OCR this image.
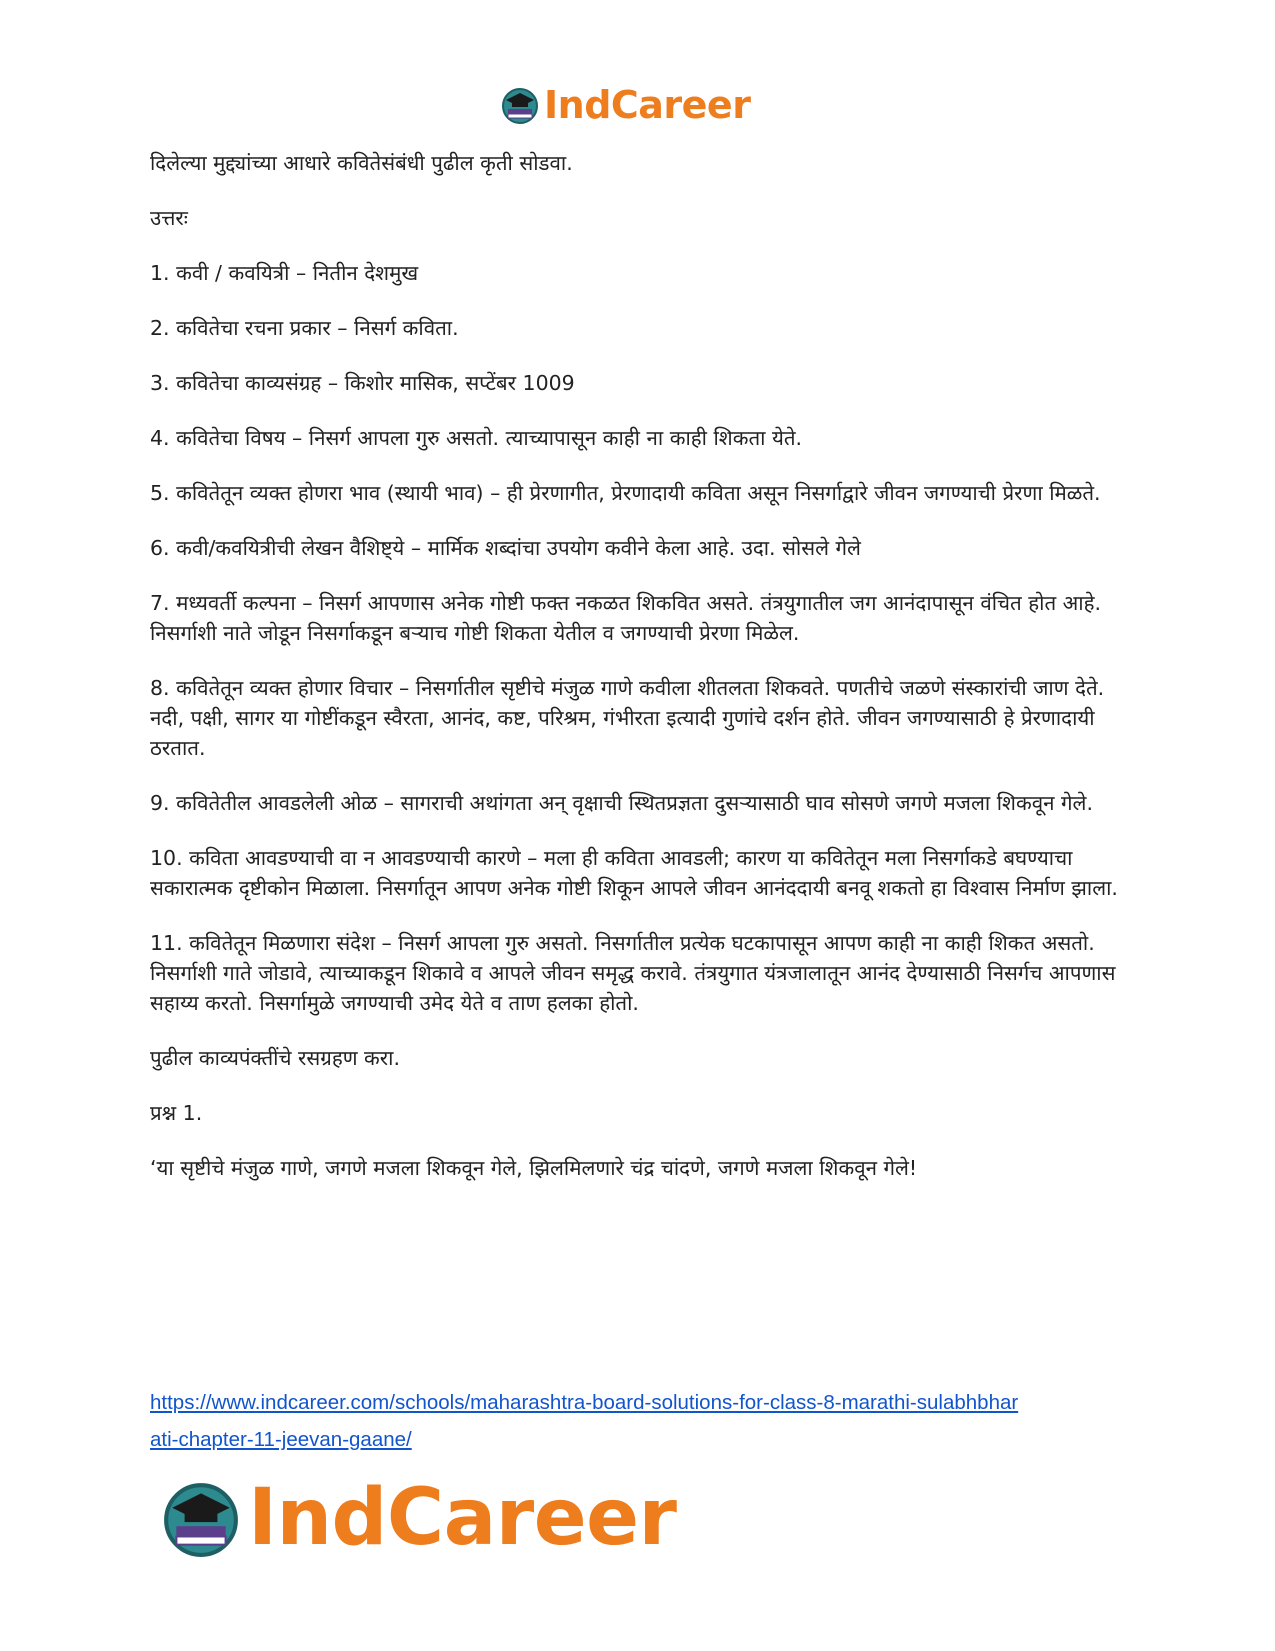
IndCareer

दिलेल्या मुद्द्यांच्या आधारे कवितेसंबंधी पुढील कृती सोडवा.

उत्तरः

1. कवी / कवयित्री – नितीन देशमुख

2. कवितेचा रचना प्रकार – निसर्ग कविता.

3. कवितेचा काव्यसंग्रह – किशोर मासिक, सप्टेंबर 1009

4. कवितेचा विषय – निसर्ग आपला गुरु असतो. त्याच्यापासून काही ना काही शिकता येते.

5. कवितेतून व्यक्त होणरा भाव (स्थायी भाव) – ही प्रेरणागीत, प्रेरणादायी कविता असून निसर्गाद्वारे जीवन जगण्याची प्रेरणा मिळते.

6. कवी/कवयित्रीची लेखन वैशिष्ट्ये – मार्मिक शब्दांचा उपयोग कवीने केला आहे. उदा. सोसले गेले

7. मध्यवर्ती कल्पना – निसर्ग आपणास अनेक गोष्टी फक्त नकळत शिकवित असते. तंत्रयुगातील जग आनंदापासून वंचित होत आहे. निसर्गाशी नाते जोडून निसर्गाकडून बऱ्याच गोष्टी शिकता येतील व जगण्याची प्रेरणा मिळेल.

8. कवितेतून व्यक्त होणार विचार – निसर्गातील सृष्टीचे मंजुळ गाणे कवीला शीतलता शिकवते. पणतीचे जळणे संस्कारांची जाण देते. नदी, पक्षी, सागर या गोष्टींकडून स्वैरता, आनंद, कष्ट, परिश्रम, गंभीरता इत्यादी गुणांचे दर्शन होते. जीवन जगण्यासाठी हे प्रेरणादायी ठरतात.

9. कवितेतील आवडलेली ओळ – सागराची अथांगता अन् वृक्षाची स्थितप्रज्ञता दुसऱ्यासाठी घाव सोसणे जगणे मजला शिकवून गेले.

10. कविता आवडण्याची वा न आवडण्याची कारणे – मला ही कविता आवडली; कारण या कवितेतून मला निसर्गाकडे बघण्याचा सकारात्मक दृष्टीकोन मिळाला. निसर्गातून आपण अनेक गोष्टी शिकून आपले जीवन आनंददायी बनवू शकतो हा विश्वास निर्माण झाला.

11. कवितेतून मिळणारा संदेश – निसर्ग आपला गुरु असतो. निसर्गातील प्रत्येक घटकापासून आपण काही ना काही शिकत असतो. निसर्गाशी गाते जोडावे, त्याच्याकडून शिकावे व आपले जीवन समृद्ध करावे. तंत्रयुगात यंत्रजालातून आनंद देण्यासाठी निसर्गच आपणास सहाय्य करतो. निसर्गामुळे जगण्याची उमेद येते व ताण हलका होतो.

पुढील काव्यपंक्तींचे रसग्रहण करा.

प्रश्न 1.

‘या सृष्टीचे मंजुळ गाणे, जगणे मजला शिकवून गेले, झिलमिलणारे चंद्र चांदणे, जगणे मजला शिकवून गेले!

https://www.indcareer.com/schools/maharashtra-board-solutions-for-class-8-marathi-sulabhbhar
ati-chapter-11-jeevan-gaane/
IndCareer
